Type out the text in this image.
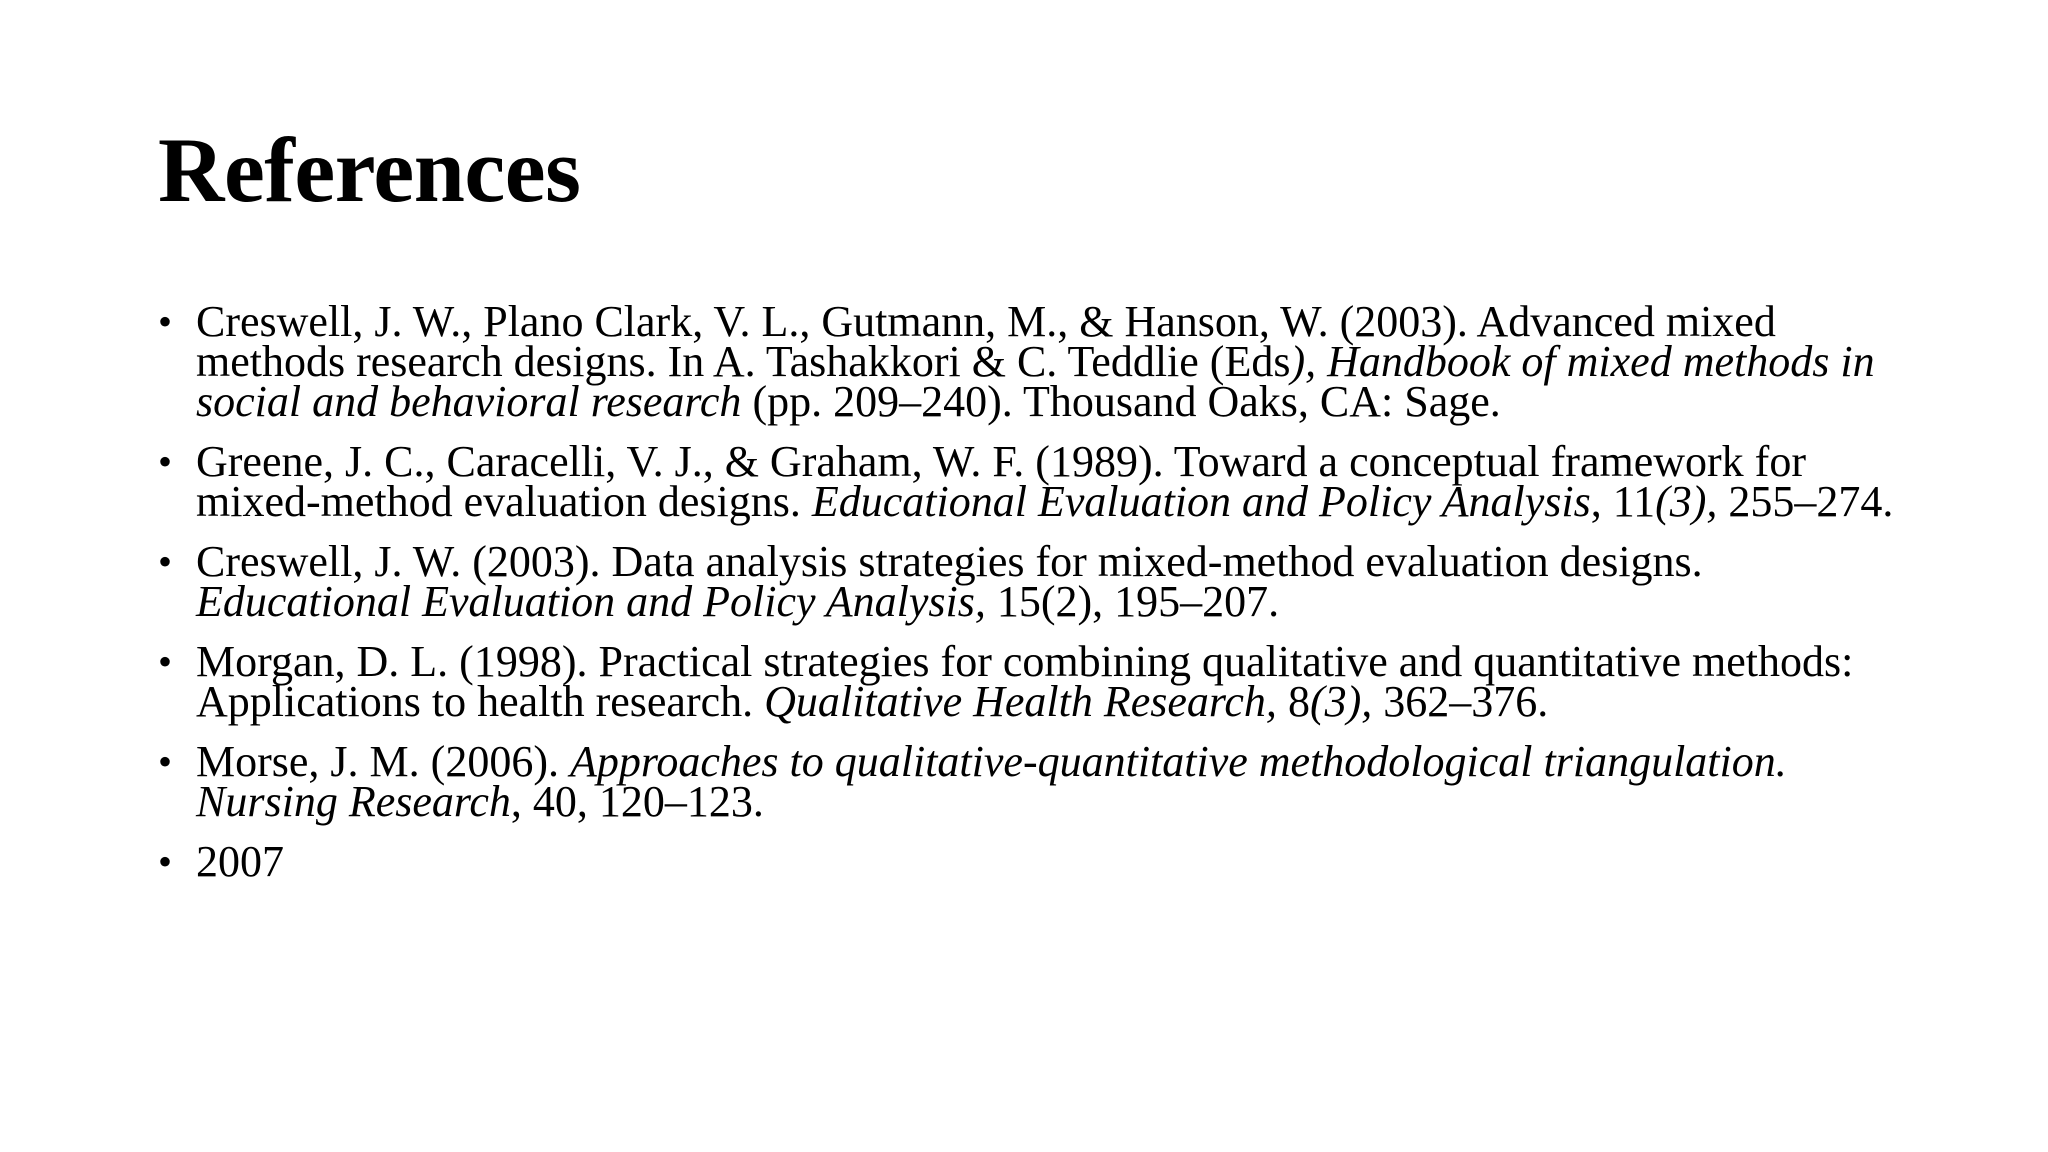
References
• Creswell, J. W., Plano Clark, V. L., Gutmann, M., & Hanson, W. (2003). Advanced mixed methods research designs. In A. Tashakkori & C. Teddlie (Eds), Handbook of mixed methods in social and behavioral research (pp. 209–240). Thousand Oaks, CA: Sage.
• Greene, J. C., Caracelli, V. J., & Graham, W. F. (1989). Toward a conceptual framework for mixed-method evaluation designs. Educational Evaluation and Policy Analysis, 11(3), 255–274.
• Creswell, J. W. (2003). Data analysis strategies for mixed-method evaluation designs. Educational Evaluation and Policy Analysis, 15(2), 195–207.
• Morgan, D. L. (1998). Practical strategies for combining qualitative and quantitative methods: Applications to health research. Qualitative Health Research, 8(3), 362–376.
• Morse, J. M. (2006). Approaches to qualitative-quantitative methodological triangulation. Nursing Research, 40, 120–123.
• 2007
